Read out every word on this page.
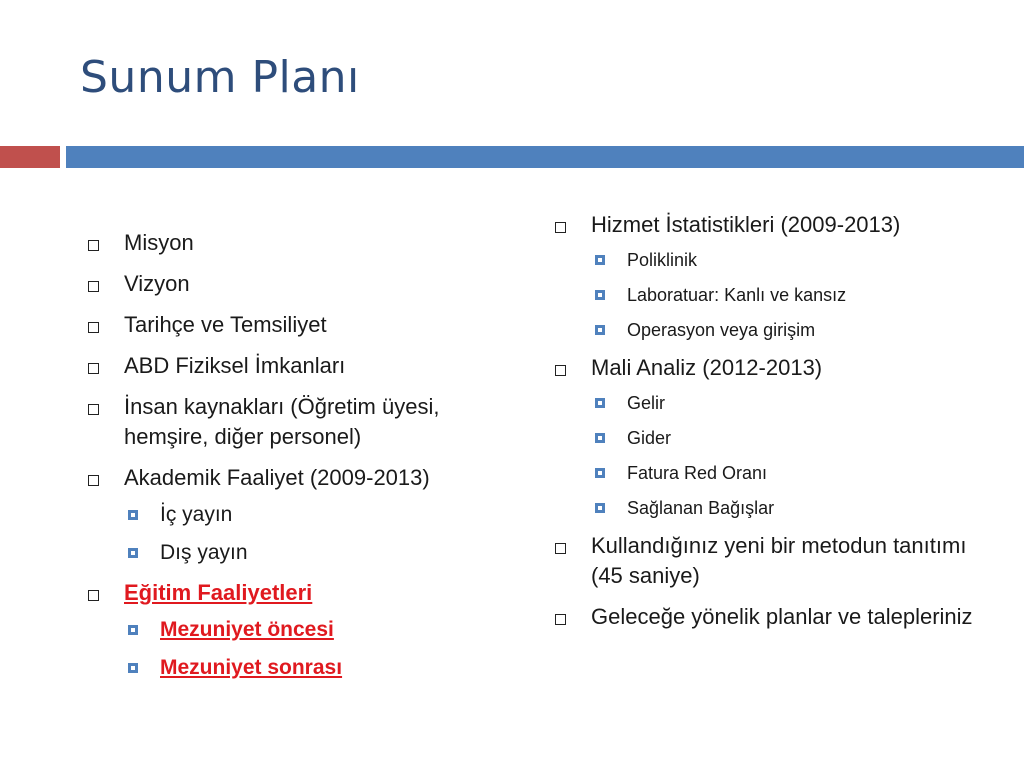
Sunum Planı
Misyon
Vizyon
Tarihçe ve Temsiliyet
ABD Fiziksel İmkanları
İnsan kaynakları (Öğretim üyesi, hemşire, diğer personel)
Akademik Faaliyet (2009-2013)
İç yayın
Dış yayın
Eğitim Faaliyetleri
Mezuniyet öncesi
Mezuniyet sonrası
Hizmet İstatistikleri (2009-2013)
Poliklinik
Laboratuar: Kanlı ve kansız
Operasyon veya girişim
Mali Analiz (2012-2013)
Gelir
Gider
Fatura Red Oranı
Sağlanan Bağışlar
Kullandığınız yeni bir metodun tanıtımı (45 saniye)
Geleceğe yönelik planlar ve talepleriniz
